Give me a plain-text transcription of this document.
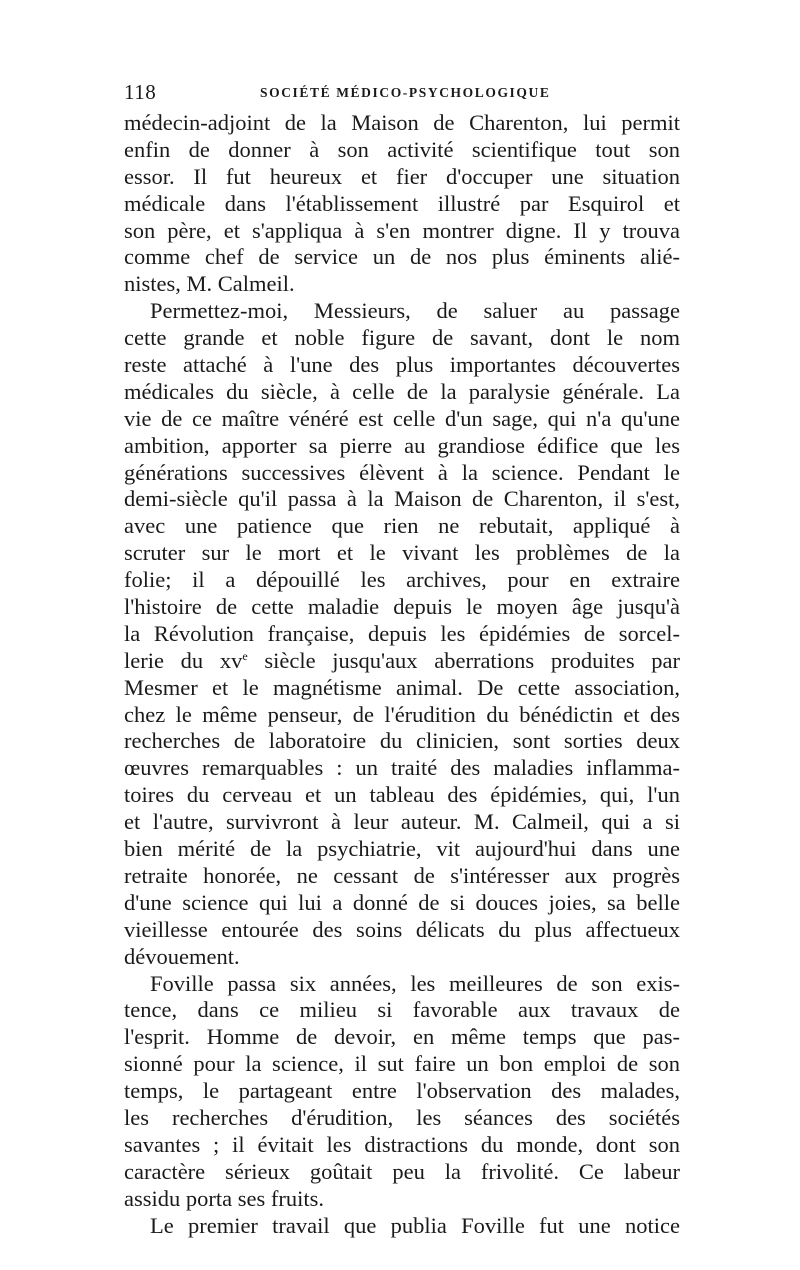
118	SOCIÉTÉ MÉDICO-PSYCHOLOGIQUE
médecin-adjoint de la Maison de Charenton, lui permit
enfin de donner à son activité scientifique tout son
essor. Il fut heureux et fier d'occuper une situation
médicale dans l'établissement illustré par Esquirol et
son père, et s'appliqua à s'en montrer digne. Il y trouva
comme chef de service un de nos plus éminents alié-
nistes, M. Calmeil.
Permettez-moi, Messieurs, de saluer au passage
cette grande et noble figure de savant, dont le nom
reste attaché à l'une des plus importantes découvertes
médicales du siècle, à celle de la paralysie générale. La
vie de ce maître vénéré est celle d'un sage, qui n'a qu'une
ambition, apporter sa pierre au grandiose édifice que les
générations successives élèvent à la science. Pendant le
demi-siècle qu'il passa à la Maison de Charenton, il s'est,
avec une patience que rien ne rebutait, appliqué à
scruter sur le mort et le vivant les problèmes de la
folie; il a dépouillé les archives, pour en extraire
l'histoire de cette maladie depuis le moyen âge jusqu'à
la Révolution française, depuis les épidémies de sorcel-
lerie du $xv^e$ siècle jusqu'aux aberrations produites par
Mesmer et le magnétisme animal. De cette association,
chez le même penseur, de l'érudition du bénédictin et des
recherches de laboratoire du clinicien, sont sorties deux
œuvres remarquables : un traité des maladies inflamma-
toires du cerveau et un tableau des épidémies, qui, l'un
et l'autre, survivront à leur auteur. M. Calmeil, qui a si
bien mérité de la psychiatrie, vit aujourd'hui dans une
retraite honorée, ne cessant de s'intéresser aux progrès
d'une science qui lui a donné de si douces joies, sa belle
vieillesse entourée des soins délicats du plus affectueux
dévouement.
Foville passa six années, les meilleures de son exis-
tence, dans ce milieu si favorable aux travaux de
l'esprit. Homme de devoir, en même temps que pas-
sionné pour la science, il sut faire un bon emploi de son
temps, le partageant entre l'observation des malades,
les recherches d'érudition, les séances des sociétés
savantes ; il évitait les distractions du monde, dont son
caractère sérieux goûtait peu la frivolité. Ce labeur
assidu porta ses fruits.
Le premier travail que publia Foville fut une notice
